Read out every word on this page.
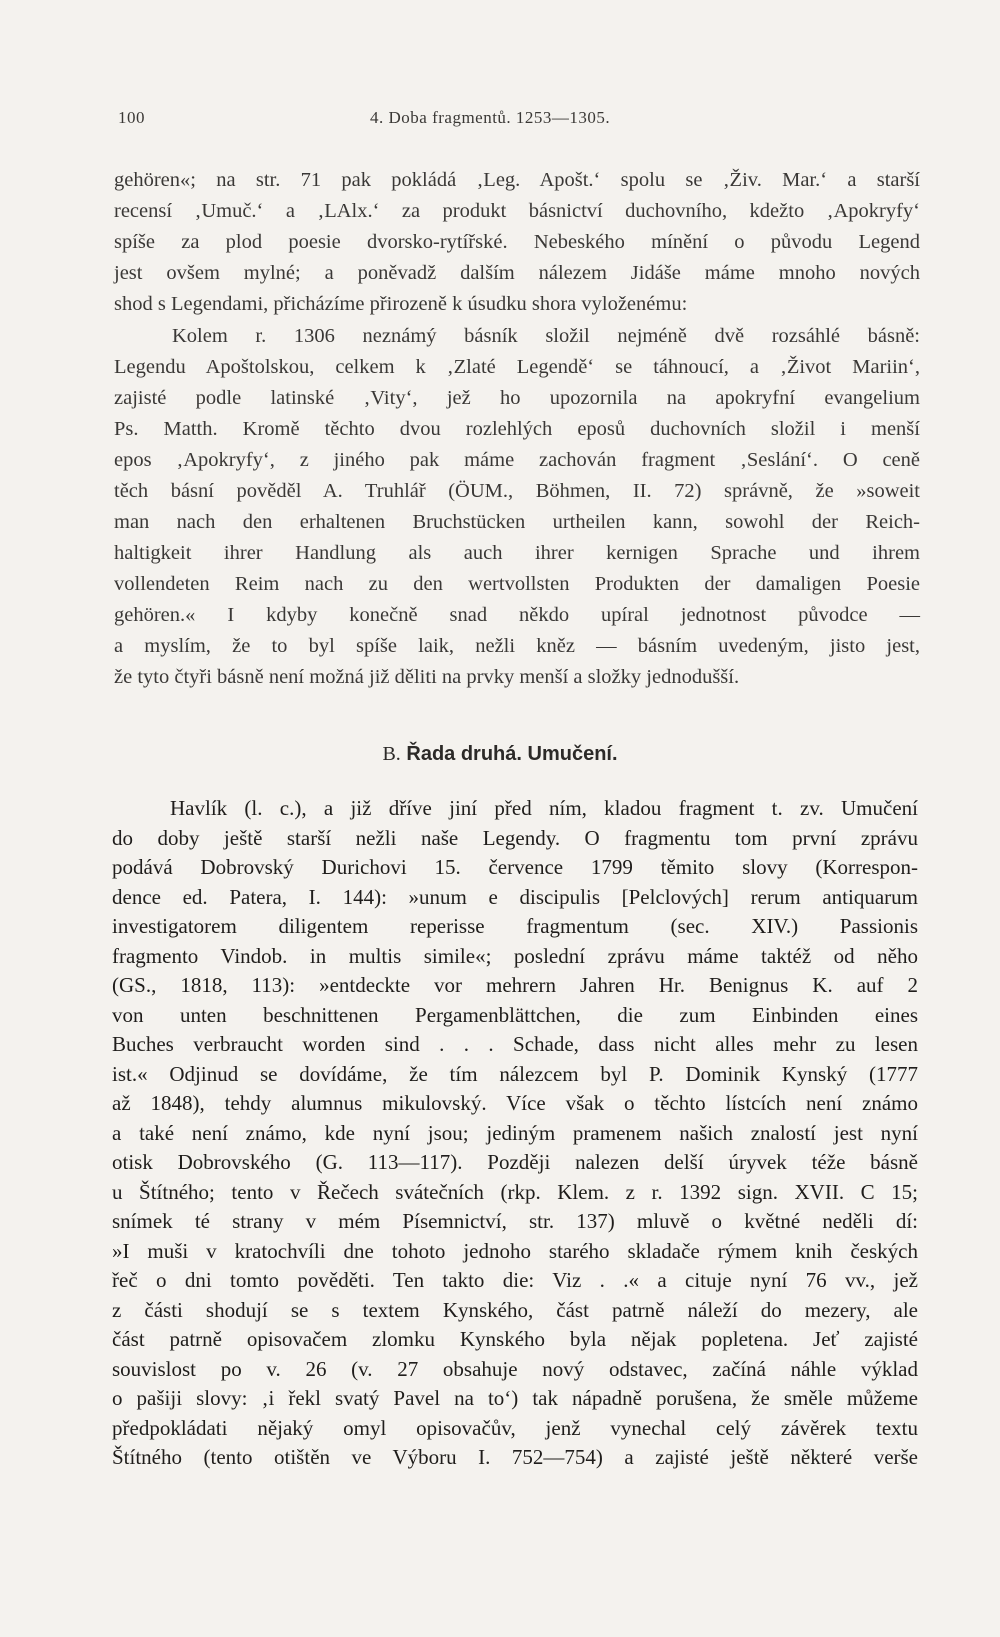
100	4. Doba fragmentů. 1253—1305.
gehören«; na str. 71 pak pokládá ‚Leg. Apošt.‘ spolu se ‚Živ. Mar.‘ a starší
recensí ‚Umuč.‘ a ‚LAlx.‘ za produkt básnictví duchovního, kdežto ‚Apokryfy‘
spíše za plod poesie dvorsko-rytířské. Nebeského mínění o původu Legend
jest ovšem mylné; a poněvadž dalším nálezem Jidáše máme mnoho nových
shod s Legendami, přicházíme přirozeně k úsudku shora vyloženému:
Kolem r. 1306 neznámý básník složil nejméně dvě rozsáhlé básně:
Legendu Apoštolskou, celkem k ‚Zlaté Legendě‘ se táhnoucí, a ‚Život Mariin‘,
zajisté podle latinské ‚Vity‘, jež ho upozornila na apokryfní evangelium
Ps. Matth. Kromě těchto dvou rozlehlých eposů duchovních složil i menší
epos ‚Apokryfy‘, z jiného pak máme zachován fragment ‚Seslání‘. O ceně
těch básní pověděl A. Truhlář (ÖUM., Böhmen, II. 72) správně, že »soweit
man nach den erhaltenen Bruchstücken urtheilen kann, sowohl der Reich-
haltigkeit ihrer Handlung als auch ihrer kernigen Sprache und ihrem
vollendeten Reim nach zu den wertvollsten Produkten der damaligen Poesie
gehören.« I kdyby konečně snad někdo upíral jednotnost původce —
a myslím, že to byl spíše laik, nežli kněz — básním uvedeným, jisto jest,
že tyto čtyři básně není možná již děliti na prvky menší a složky jednodušší.
B. Řada druhá. Umučení.
Havlík (l. c.), a již dříve jiní před ním, kladou fragment t. zv. Umučení
do doby ještě starší nežli naše Legendy. O fragmentu tom první zprávu
podává Dobrovský Durichovi 15. července 1799 těmito slovy (Korrespon-
dence ed. Patera, I. 144): »unum e discipulis [Pelclových] rerum antiquarum
investigatorem diligentem reperisse fragmentum (sec. XIV.) Passionis
fragmento Vindob. in multis simile«; poslední zprávu máme taktéž od něho
(GS., 1818, 113): »entdeckte vor mehrern Jahren Hr. Benignus K. auf 2
von unten beschnittenen Pergamenblättchen, die zum Einbinden eines
Buches verbraucht worden sind . . . Schade, dass nicht alles mehr zu lesen
ist.« Odjinud se dovídáme, že tím nálezcem byl P. Dominik Kynský (1777
až 1848), tehdy alumnus mikulovský. Více však o těchto lístcích není známo
a také není známo, kde nyní jsou; jediným pramenem našich znalostí jest nyní
otisk Dobrovského (G. 113—117). Později nalezen delší úryvek téže básně
u Štítného; tento v Řečech svátečních (rkp. Klem. z r. 1392 sign. XVII. C 15;
snímek té strany v mém Písemnictví, str. 137) mluvě o květné neděli dí:
»I muši v kratochvíli dne tohoto jednoho starého skladače rýmem knih českých
řeč o dni tomto pověděti. Ten takto die: Viz . .« a cituje nyní 76 vv., jež
z části shodují se s textem Kynského, část patrně náleží do mezery, ale
část patrně opisovačem zlomku Kynského byla nějak popletena. Jeť zajisté
souvislost po v. 26 (v. 27 obsahuje nový odstavec, začíná náhle výklad
o pašiji slovy: ‚i řekl svatý Pavel na to‘) tak nápadně porušena, že směle můžeme
předpokládati nějaký omyl opisovačův, jenž vynechal celý závěrek textu
Štítného (tento otištěn ve Výboru I. 752—754) a zajisté ještě některé verše
